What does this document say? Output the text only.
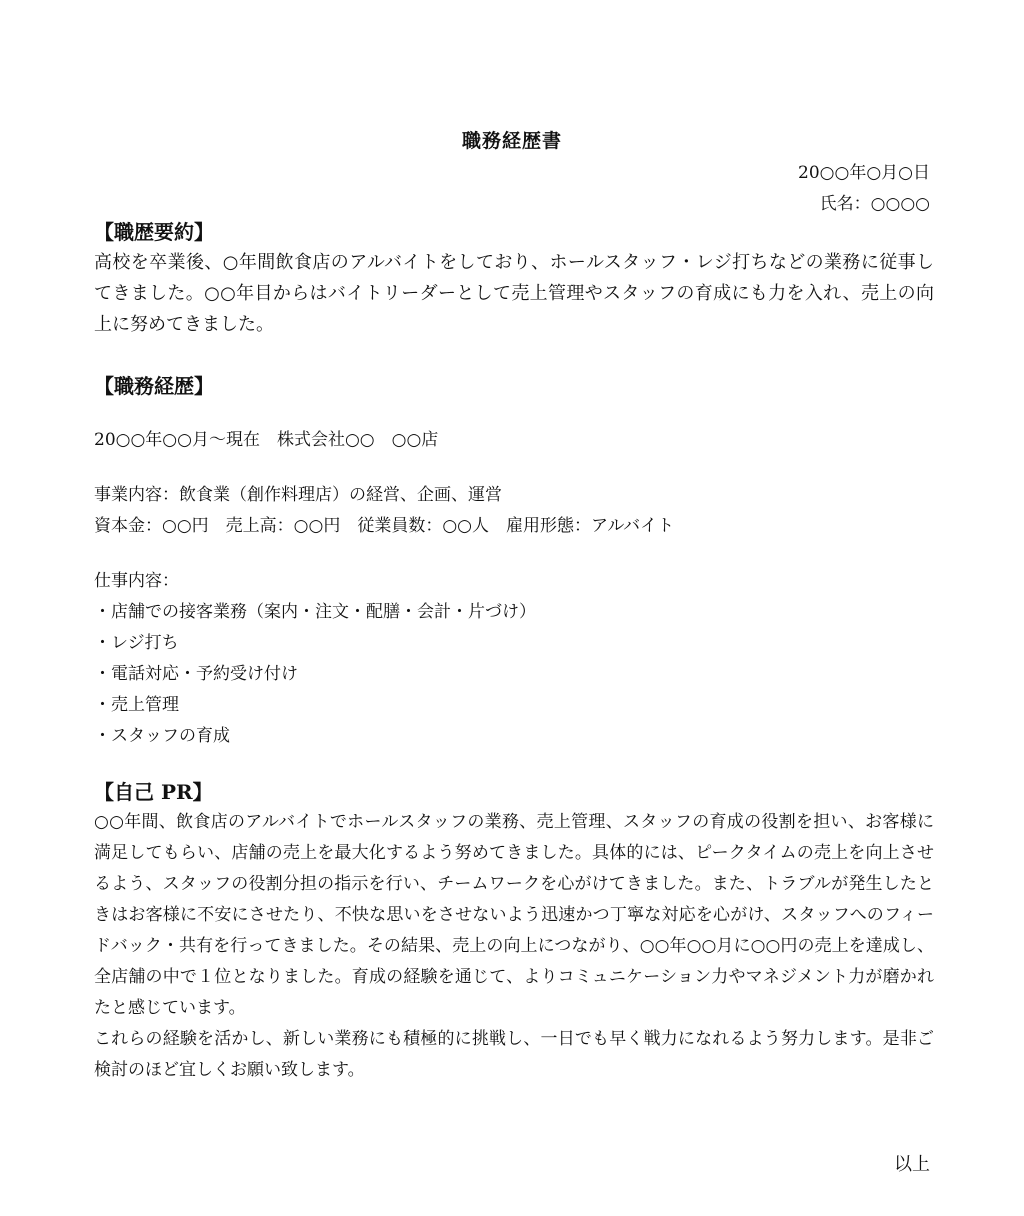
職務経歴書
20○○年○月○日
氏名：○○○○
【職歴要約】
高校を卒業後、○年間飲食店のアルバイトをしており、ホールスタッフ・レジ打ちなどの業務に従事してきました。○○年目からはバイトリーダーとして売上管理やスタッフの育成にも力を入れ、売上の向上に努めてきました。
【職務経歴】
20○○年○○月～現在　株式会社○○　○○店
事業内容：飲食業（創作料理店）の経営、企画、運営
資本金：○○円　売上高：○○円　従業員数：○○人　雇用形態：アルバイト
仕事内容：
・店舗での接客業務（案内・注文・配膳・会計・片づけ）
・レジ打ち
・電話対応・予約受け付け
・売上管理
・スタッフの育成
【自己 PR】
○○年間、飲食店のアルバイトでホールスタッフの業務、売上管理、スタッフの育成の役割を担い、お客様に満足してもらい、店舗の売上を最大化するよう努めてきました。具体的には、ピークタイムの売上を向上させるよう、スタッフの役割分担の指示を行い、チームワークを心がけてきました。また、トラブルが発生したときはお客様に不安にさせたり、不快な思いをさせないよう迅速かつ丁寧な対応を心がけ、スタッフへのフィードバック・共有を行ってきました。その結果、売上の向上につながり、○○年○○月に○○円の売上を達成し、全店舗の中で１位となりました。育成の経験を通じて、よりコミュニケーション力やマネジメント力が磨かれたと感じています。
これらの経験を活かし、新しい業務にも積極的に挑戦し、一日でも早く戦力になれるよう努力します。是非ご検討のほど宜しくお願い致します。
以上
